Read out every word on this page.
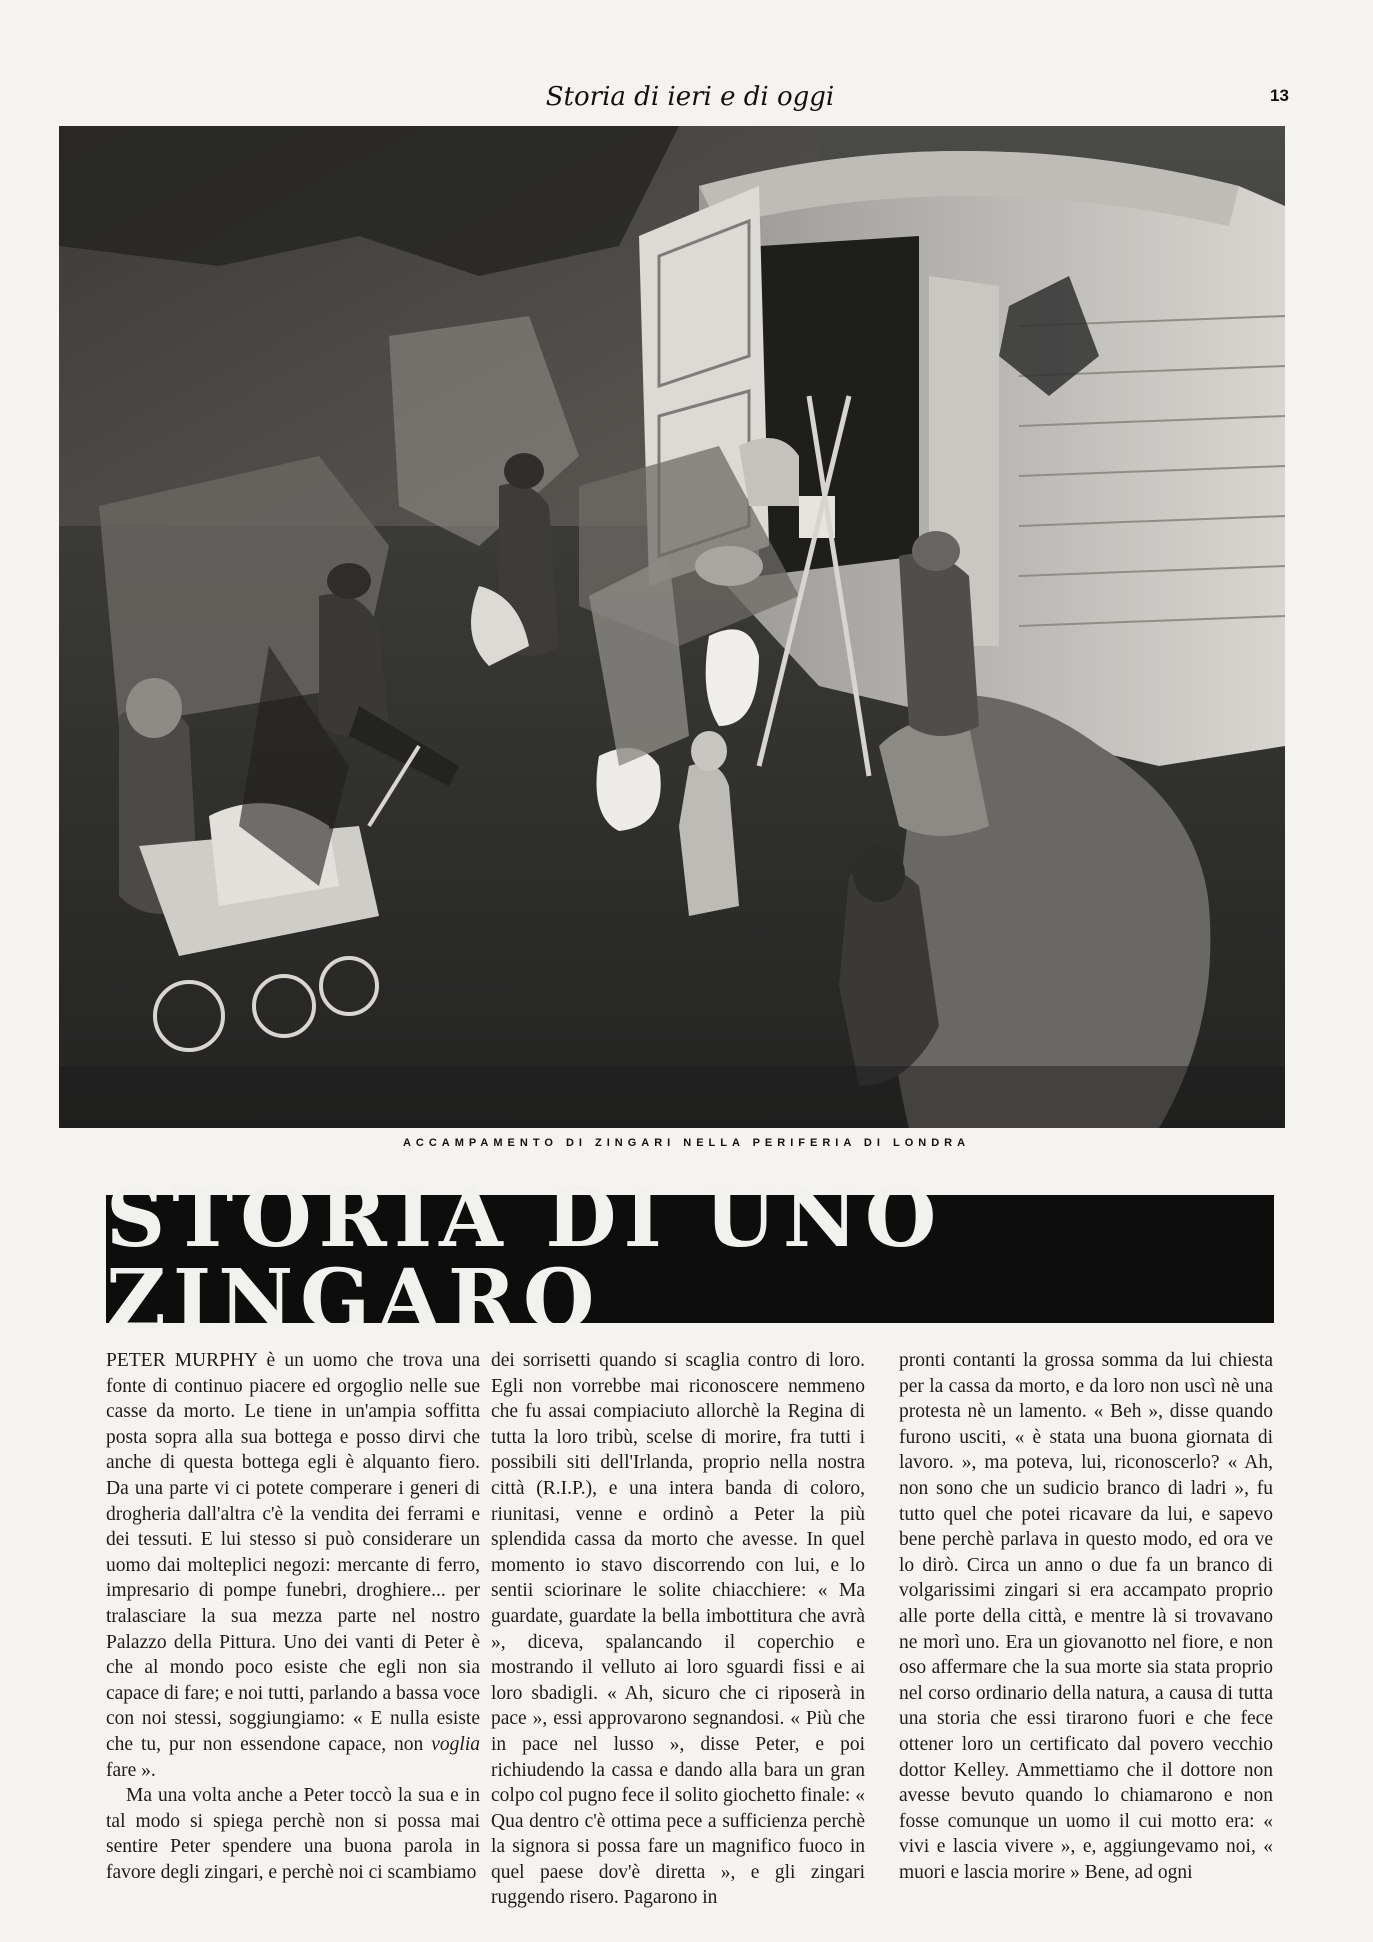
Storia di ieri e di oggi	13
ACCAMPAMENTO DI ZINGARI NELLA PERIFERIA DI LONDRA
STORIA DI UNO ZINGARO

PETER MURPHY è un uomo che trova una fonte di continuo piacere ed orgoglio nelle sue casse da morto. Le tiene in un'ampia soffitta posta sopra alla sua bottega e posso dirvi che anche di questa bottega egli è alquanto fiero. Da una parte vi ci potete comperare i generi di drogheria dall'altra c'è la vendita dei ferrami e dei tessuti. E lui stesso si può considerare un uomo dai molteplici negozi: mercante di ferro, impresario di pompe funebri, droghiere... per tralasciare la sua mezza parte nel nostro Palazzo della Pittura. Uno dei vanti di Peter è che al mondo poco esiste che egli non sia capace di fare; e noi tutti, parlando a bassa voce con noi stessi, soggiungiamo: « E nulla esiste che tu, pur non essendone capace, non voglia fare ».

Ma una volta anche a Peter toccò la sua e in tal modo si spiega perchè non si possa mai sentire Peter spendere una buona parola in favore degli zingari, e perchè noi ci scambiamo

dei sorrisetti quando si scaglia contro di loro. Egli non vorrebbe mai riconoscere nemmeno che fu assai compiaciuto allorchè la Regina di tutta la loro tribù, scelse di morire, fra tutti i possibili siti dell'Irlanda, proprio nella nostra città (R.I.P.), e una intera banda di coloro, riunitasi, venne e ordinò a Peter la più splendida cassa da morto che avesse. In quel momento io stavo discorrendo con lui, e lo sentii sciorinare le solite chiacchiere: « Ma guardate, guardate la bella imbottitura che avrà », diceva, spalancando il coperchio e mostrando il velluto ai loro sguardi fissi e ai loro sbadigli. « Ah, sicuro che ci riposerà in pace », essi approvarono segnandosi. « Più che in pace nel lusso », disse Peter, e poi richiudendo la cassa e dando alla bara un gran colpo col pugno fece il solito giochetto finale: « Qua dentro c'è ottima pece a sufficienza perchè la signora si possa fare un magnifico fuoco in quel paese dov'è diretta », e gli zingari ruggendo risero. Pagarono in

pronti contanti la grossa somma da lui chiesta per la cassa da morto, e da loro non uscì nè una protesta nè un lamento. « Beh », disse quando furono usciti, « è stata una buona giornata di lavoro. », ma poteva, lui, riconoscerlo? « Ah, non sono che un sudicio branco di ladri », fu tutto quel che potei ricavare da lui, e sapevo bene perchè parlava in questo modo, ed ora ve lo dirò. Circa un anno o due fa un branco di volgarissimi zingari si era accampato proprio alle porte della città, e mentre là si trovavano ne morì uno. Era un giovanotto nel fiore, e non oso affermare che la sua morte sia stata proprio nel corso ordinario della natura, a causa di tutta una storia che essi tirarono fuori e che fece ottener loro un certificato dal povero vecchio dottor Kelley. Ammettiamo che il dottore non avesse bevuto quando lo chiamarono e non fosse comunque un uomo il cui motto era: « vivi e lascia vivere », e, aggiungevamo noi, « muori e lascia morire » Bene, ad ogni
